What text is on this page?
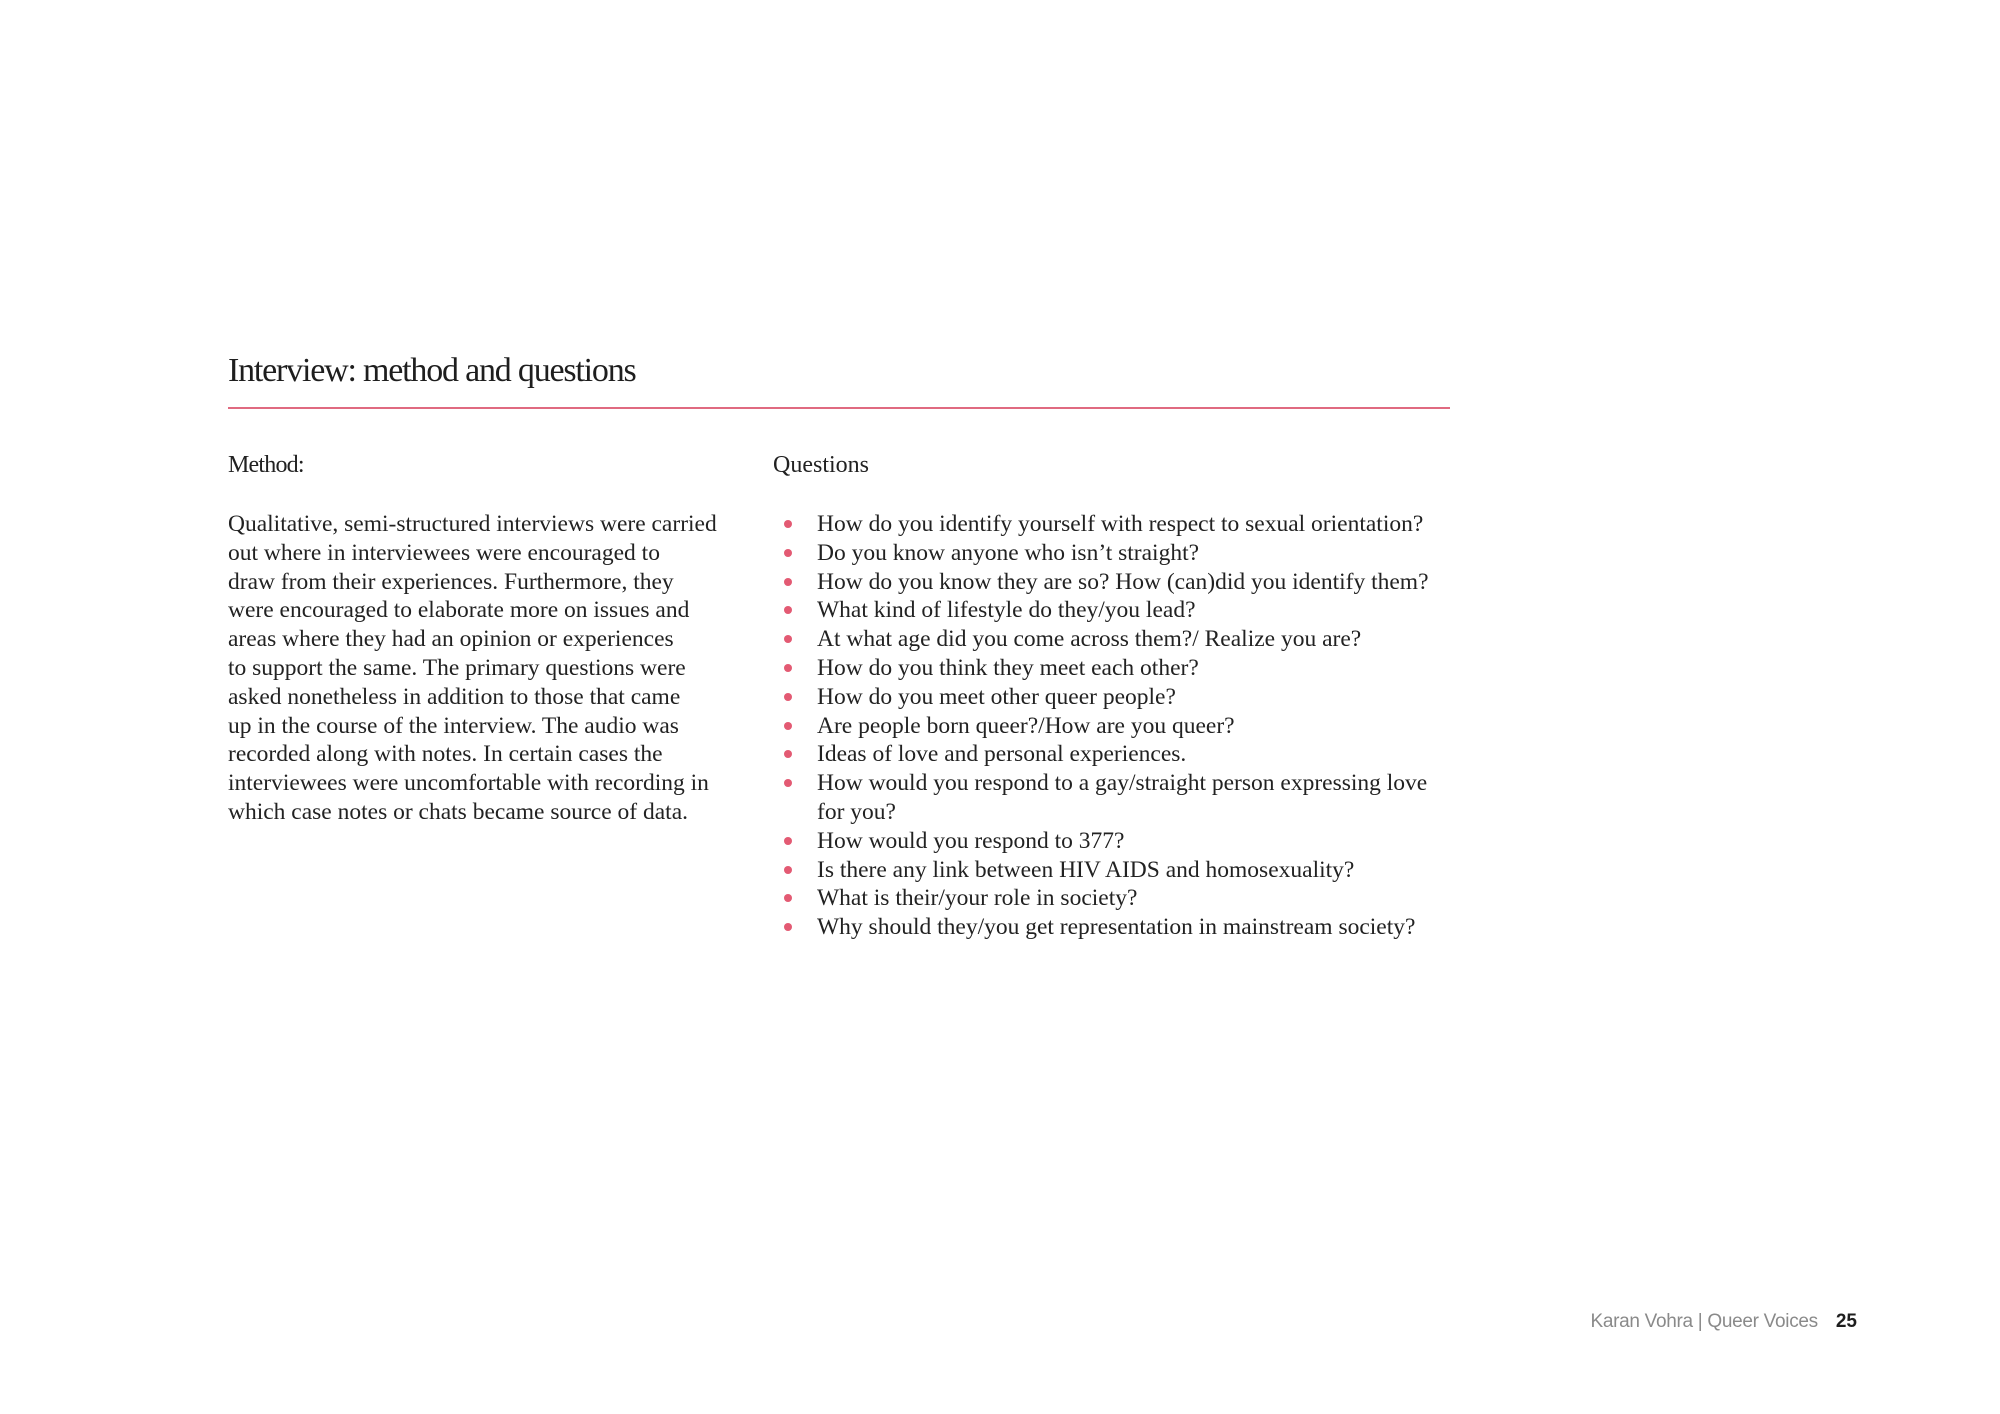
Interview: method and questions
Method:
Qualitative, semi-structured interviews were carried
out where in interviewees were encouraged to
draw from their experiences. Furthermore, they
were encouraged to elaborate more on issues and
areas where they had an opinion or experiences
to support the same. The primary questions were
asked nonetheless in addition to those that came
up in the course of the interview. The audio was
recorded along with notes. In certain cases the
interviewees were uncomfortable with recording in
which case notes or chats became source of data.
Questions
How do you identify yourself with respect to sexual orientation?
Do you know anyone who isn’t straight?
How do you know they are so? How (can)did you identify them?
What kind of lifestyle do they/you lead?
At what age did you come across them?/ Realize you are?
How do you think they meet each other?
How do you meet other queer people?
Are people born queer?/How are you queer?
Ideas of love and personal experiences.
How would you respond to a gay/straight person expressing love
for you?
How would you respond to 377?
Is there any link between HIV AIDS and homosexuality?
What is their/your role in society?
Why should they/you get representation in mainstream society?
Karan Vohra | Queer Voices 25
